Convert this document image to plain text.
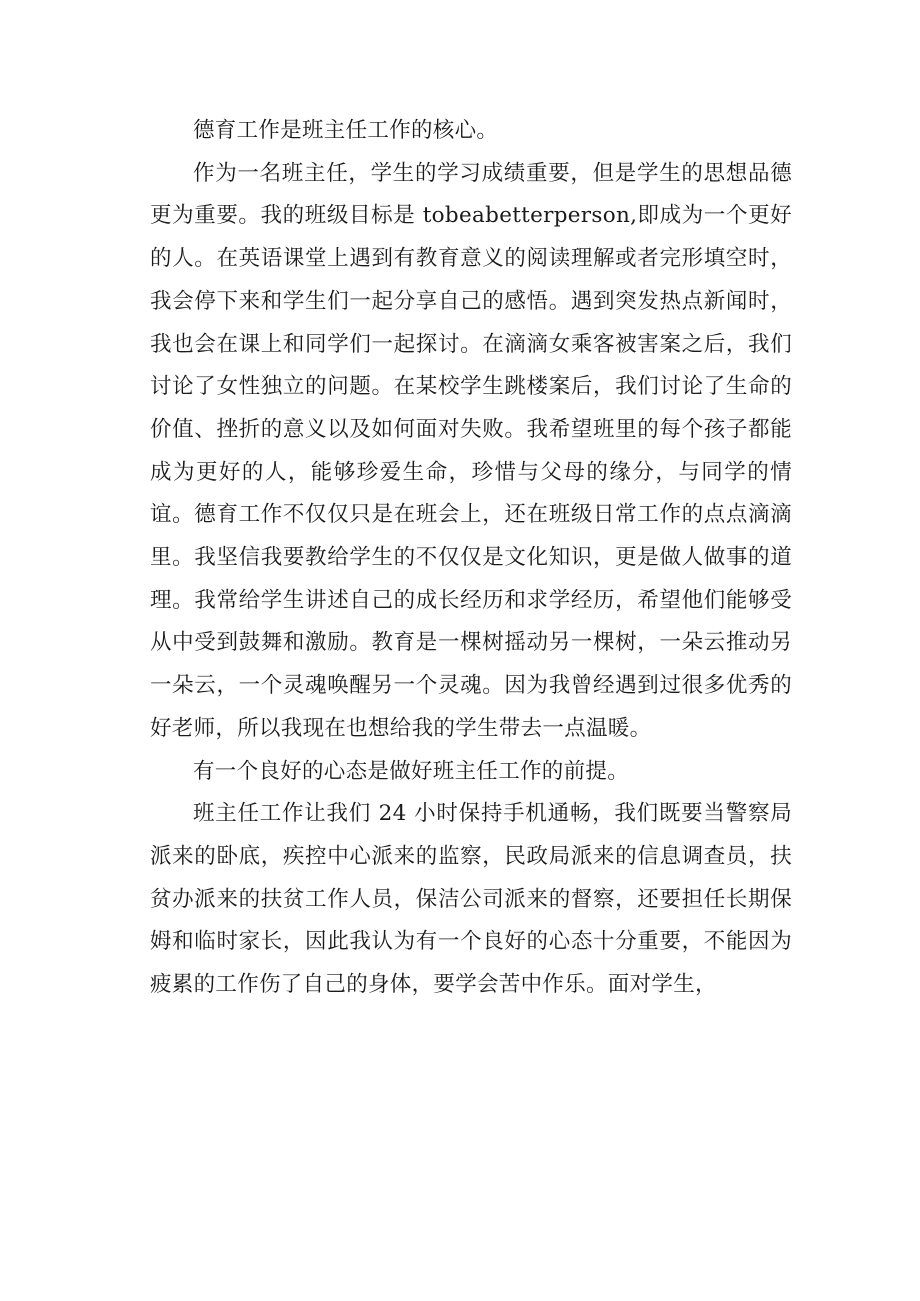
德育工作是班主任工作的核心。

作为一名班主任，学生的学习成绩重要，但是学生的思想品德更为重要。我的班级目标是 tobeabetterperson,即成为一个更好的人。在英语课堂上遇到有教育意义的阅读理解或者完形填空时，我会停下来和学生们一起分享自己的感悟。遇到突发热点新闻时，我也会在课上和同学们一起探讨。在滴滴女乘客被害案之后，我们讨论了女性独立的问题。在某校学生跳楼案后，我们讨论了生命的价值、挫折的意义以及如何面对失败。我希望班里的每个孩子都能成为更好的人，能够珍爱生命，珍惜与父母的缘分，与同学的情谊。德育工作不仅仅只是在班会上，还在班级日常工作的点点滴滴里。我坚信我要教给学生的不仅仅是文化知识，更是做人做事的道理。我常给学生讲述自己的成长经历和求学经历，希望他们能够受从中受到鼓舞和激励。教育是一棵树摇动另一棵树，一朵云推动另一朵云，一个灵魂唤醒另一个灵魂。因为我曾经遇到过很多优秀的好老师，所以我现在也想给我的学生带去一点温暖。

有一个良好的心态是做好班主任工作的前提。

班主任工作让我们 24 小时保持手机通畅，我们既要当警察局派来的卧底，疾控中心派来的监察，民政局派来的信息调查员，扶贫办派来的扶贫工作人员，保洁公司派来的督察，还要担任长期保姆和临时家长，因此我认为有一个良好的心态十分重要，不能因为疲累的工作伤了自己的身体，要学会苦中作乐。面对学生，
